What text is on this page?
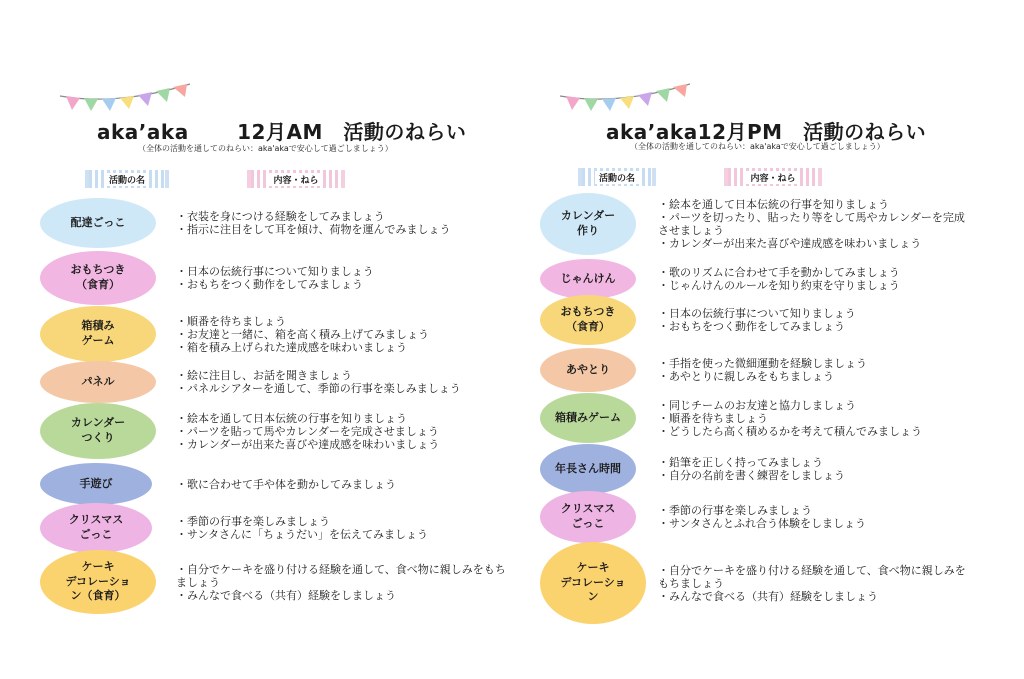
aka’aka　　 12月AM　活動のねらい
（全体の活動を通してのねらい：aka'akaで安心して過ごしましょう）
活動の名	内容・ねら
配達ごっこ	・衣装を身につける経験をしてみましょう
・指示に注目をして耳を傾け、荷物を運んでみましょう
おもちつき
（食育）
・日本の伝統行事について知りましょう
・おもちをつく動作をしてみましょう
箱積み
ゲーム
・順番を待ちましょう
・お友達と一緒に、箱を高く積み上げてみましょう
・箱を積み上げられた達成感を味わいましょう
パネル	・絵に注目し、お話を聞きましょう
・パネルシアターを通して、季節の行事を楽しみましょう
カレンダー
つくり
・絵本を通して日本伝統の行事を知りましょう
・パーツを貼って馬やカレンダーを完成させましょう
・カレンダーが出来た喜びや達成感を味わいましょう
手遊び	・歌に合わせて手や体を動かしてみましょう
クリスマス
ごっこ
・季節の行事を楽しみましょう
・サンタさんに「ちょうだい」を伝えてみましょう
ケーキ
デコレーショ
ン（食育）
・自分でケーキを盛り付ける経験を通して、食べ物に親しみをもちましょう
・みんなで食べる（共有）経験をしましょう
aka’aka12月PM　活動のねらい
（全体の活動を通してのねらい：aka'akaで安心して過ごしましょう）
活動の名	内容・ねら
カレンダー
作り
・絵本を通して日本伝統の行事を知りましょう
・パーツを切ったり、貼ったり等をして馬やカレンダーを完成させましょう
・カレンダーが出来た喜びや達成感を味わいましょう
じゃんけん	・歌のリズムに合わせて手を動かしてみましょう
・じゃんけんのルールを知り約束を守りましょう
おもちつき
（食育）
・日本の伝統行事について知りましょう
・おもちをつく動作をしてみましょう
あやとり	・手指を使った微細運動を経験しましょう
・あやとりに親しみをもちましょう
箱積みゲーム
・同じチームのお友達と協力しましょう
・順番を待ちましょう
・どうしたら高く積めるかを考えて積んでみましょう
年長さん時間	・鉛筆を正しく持ってみましょう
・自分の名前を書く練習をしましょう
クリスマス
ごっこ
・季節の行事を楽しみましょう
・サンタさんとふれ合う体験をしましょう
ケーキ
デコレーショ
ン
・自分でケーキを盛り付ける経験を通して、食べ物に親しみをもちましょう
・みんなで食べる（共有）経験をしましょう
